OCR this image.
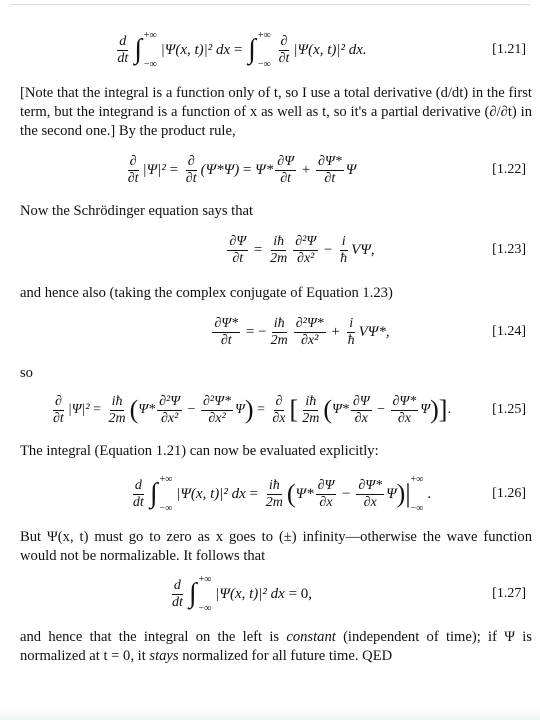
$\frac{d}{dt}$ ∫ +∞
−∞
|Ψ(x, t)|² dx = ∫ +∞
−∞ $\frac{\partial}{\partial t} |\Psi(x$, t)|² dx.	[1.21]
[Note that the integral is a function only of t, so I use a total derivative (d/dt) in the first term, but the integrand is a function of x as well as t, so it's a partial derivative (∂/∂t) in the second one.] By the product rule,
$\frac{\partial}{\partial t} |\Psi|^2 = \frac{\partial}{\partial t} (\Psi*\Psi) = \Psi* \frac{\partial\Psi}{\partial t} + \frac{\partial\Psi*}{\partial t}$ Ψ	[1.22]
Now the Schrödinger equation says that
$\frac{\partial\Psi}{\partial t} = \frac{iħ}{2m} \frac{\text{∂²Ψ}}{\text{∂x²}} - \frac{i}{ħ} V\Psi$,	[1.23]
and hence also (taking the complex conjugate of Equation 1.23)
$\frac{\partial\Psi*}{\partial t}$ = − $\frac{iħ}{2m} \frac{\text{∂²Ψ*}}{\text{∂x²}} + \frac{i}{ħ} V\Psi*$,	[1.24]
so
$\frac{\partial}{\partial t} |\Psi|^2 = \frac{iħ}{2m}$ ( $\Psi* \frac{\text{∂²Ψ}}{\text{∂x²}} - \frac{\text{∂²Ψ*}}{\text{∂x²}}$ Ψ ) = $\frac{\partial}{\partial x}$ [ $\frac{iħ}{2m}$ ( $\Psi* \frac{\partial\Psi}{\partial x} - \frac{\partial\Psi*}{\partial x}$ Ψ ) ] .	[1.25]
The integral (Equation 1.21) can now be evaluated explicitly:
$\frac{d}{dt}$ ∫ +∞
−∞
|Ψ(x, t)|² dx = $\frac{iħ}{2m}$ ( $\Psi* \frac{\partial\Psi}{\partial x} - \frac{\partial\Psi*}{\partial x}$ Ψ ) | +∞
−∞
.	[1.26]
But Ψ(x, t) must go to zero as x goes to (±) infinity—otherwise the wave function would not be normalizable. It follows that
$\frac{d}{dt}$ ∫ +∞
−∞
|Ψ(x, t)|² dx = 0,	[1.27]
and hence that the integral on the left is constant (independent of time); if Ψ is normalized at t = 0, it stays normalized for all future time. QED
